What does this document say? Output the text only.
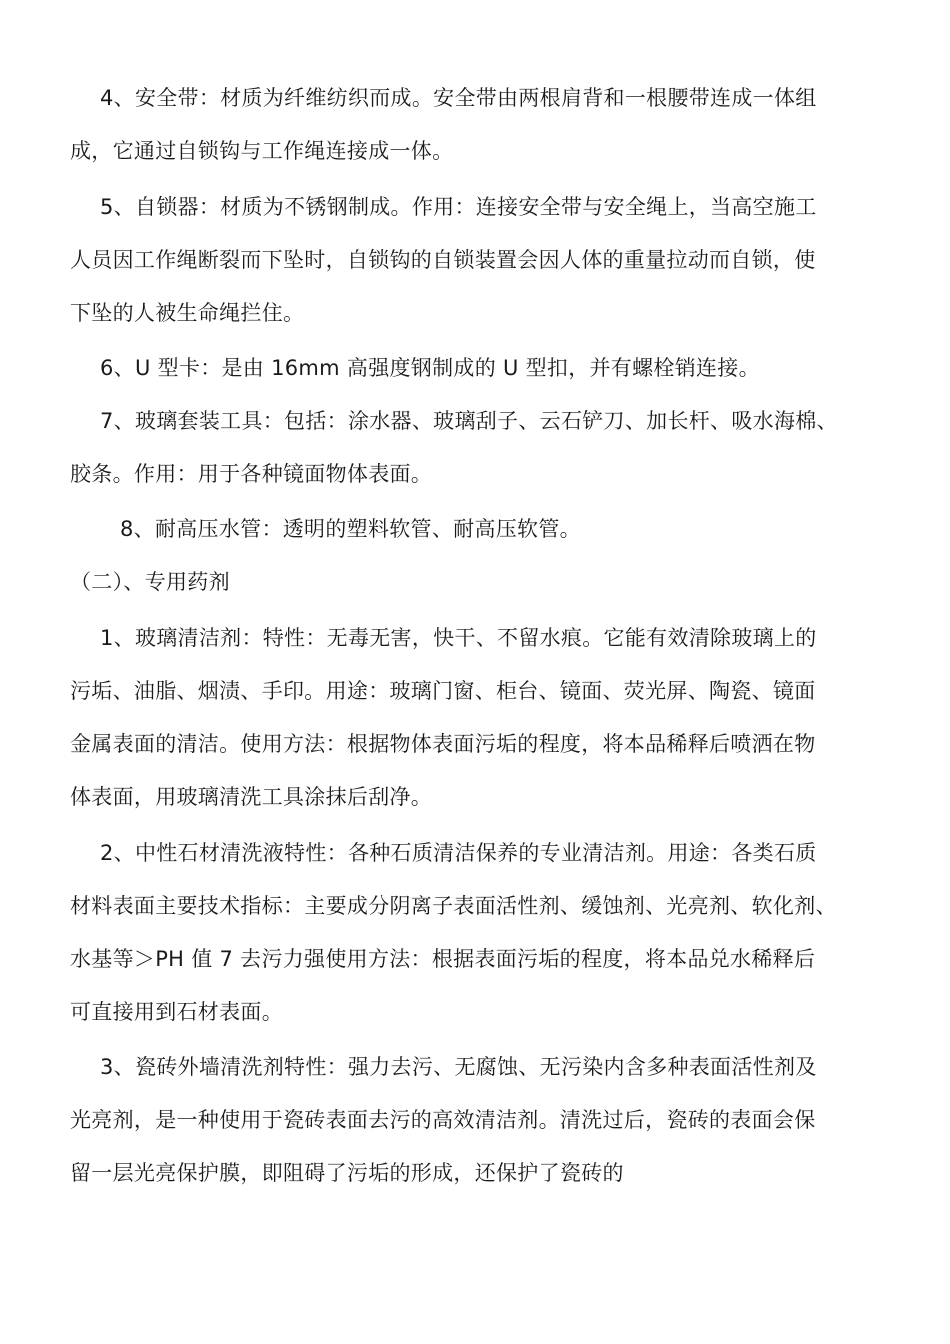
4、安全带：材质为纤维纺织而成。安全带由两根肩背和一根腰带连成一体组
成，它通过自锁钩与工作绳连接成一体。

5、自锁器：材质为不锈钢制成。作用：连接安全带与安全绳上，当高空施工
人员因工作绳断裂而下坠时，自锁钩的自锁装置会因人体的重量拉动而自锁，使
下坠的人被生命绳拦住。

6、U 型卡：是由 16mm 高强度钢制成的 U 型扣，并有螺栓销连接。

7、玻璃套装工具：包括：涂水器、玻璃刮子、云石铲刀、加长杆、吸水海棉、
胶条。作用：用于各种镜面物体表面。

8、耐高压水管：透明的塑料软管、耐高压软管。

（二）、专用药剂

1、玻璃清洁剂：特性：无毒无害，快干、不留水痕。它能有效清除玻璃上的
污垢、油脂、烟渍、手印。用途：玻璃门窗、柜台、镜面、荧光屏、陶瓷、镜面
金属表面的清洁。使用方法：根据物体表面污垢的程度，将本品稀释后喷洒在物
体表面，用玻璃清洗工具涂抹后刮净。

2、中性石材清洗液特性：各种石质清洁保养的专业清洁剂。用途：各类石质
材料表面主要技术指标：主要成分阴离子表面活性剂、缓蚀剂、光亮剂、软化剂、
水基等＞PH 值 7 去污力强使用方法：根据表面污垢的程度，将本品兑水稀释后
可直接用到石材表面。

3、瓷砖外墙清洗剂特性：强力去污、无腐蚀、无污染内含多种表面活性剂及
光亮剂，是一种使用于瓷砖表面去污的高效清洁剂。清洗过后，瓷砖的表面会保
留一层光亮保护膜，即阻碍了污垢的形成，还保护了瓷砖的
